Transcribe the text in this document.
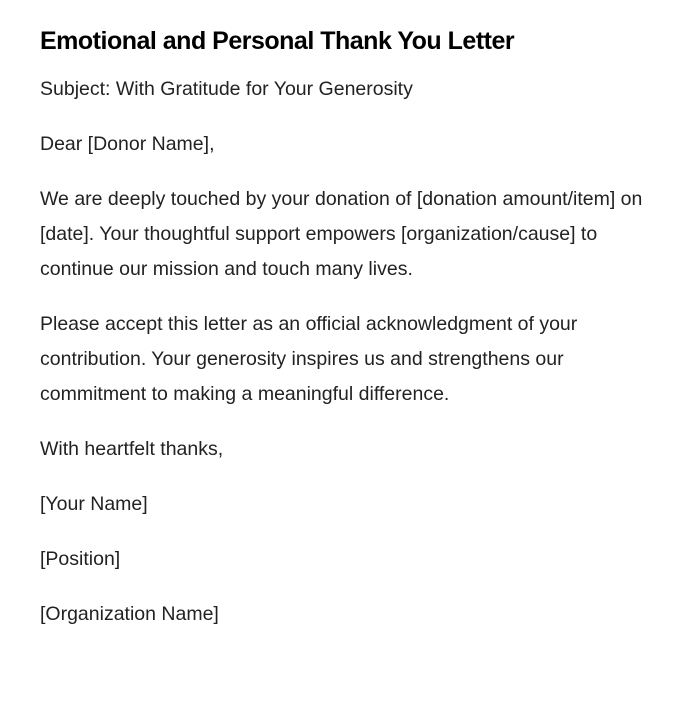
Emotional and Personal Thank You Letter

Subject: With Gratitude for Your Generosity

Dear [Donor Name],

We are deeply touched by your donation of [donation amount/item] on [date]. Your thoughtful support empowers [organization/cause] to continue our mission and touch many lives.

Please accept this letter as an official acknowledgment of your contribution. Your generosity inspires us and strengthens our commitment to making a meaningful difference.

With heartfelt thanks,

[Your Name]

[Position]

[Organization Name]
